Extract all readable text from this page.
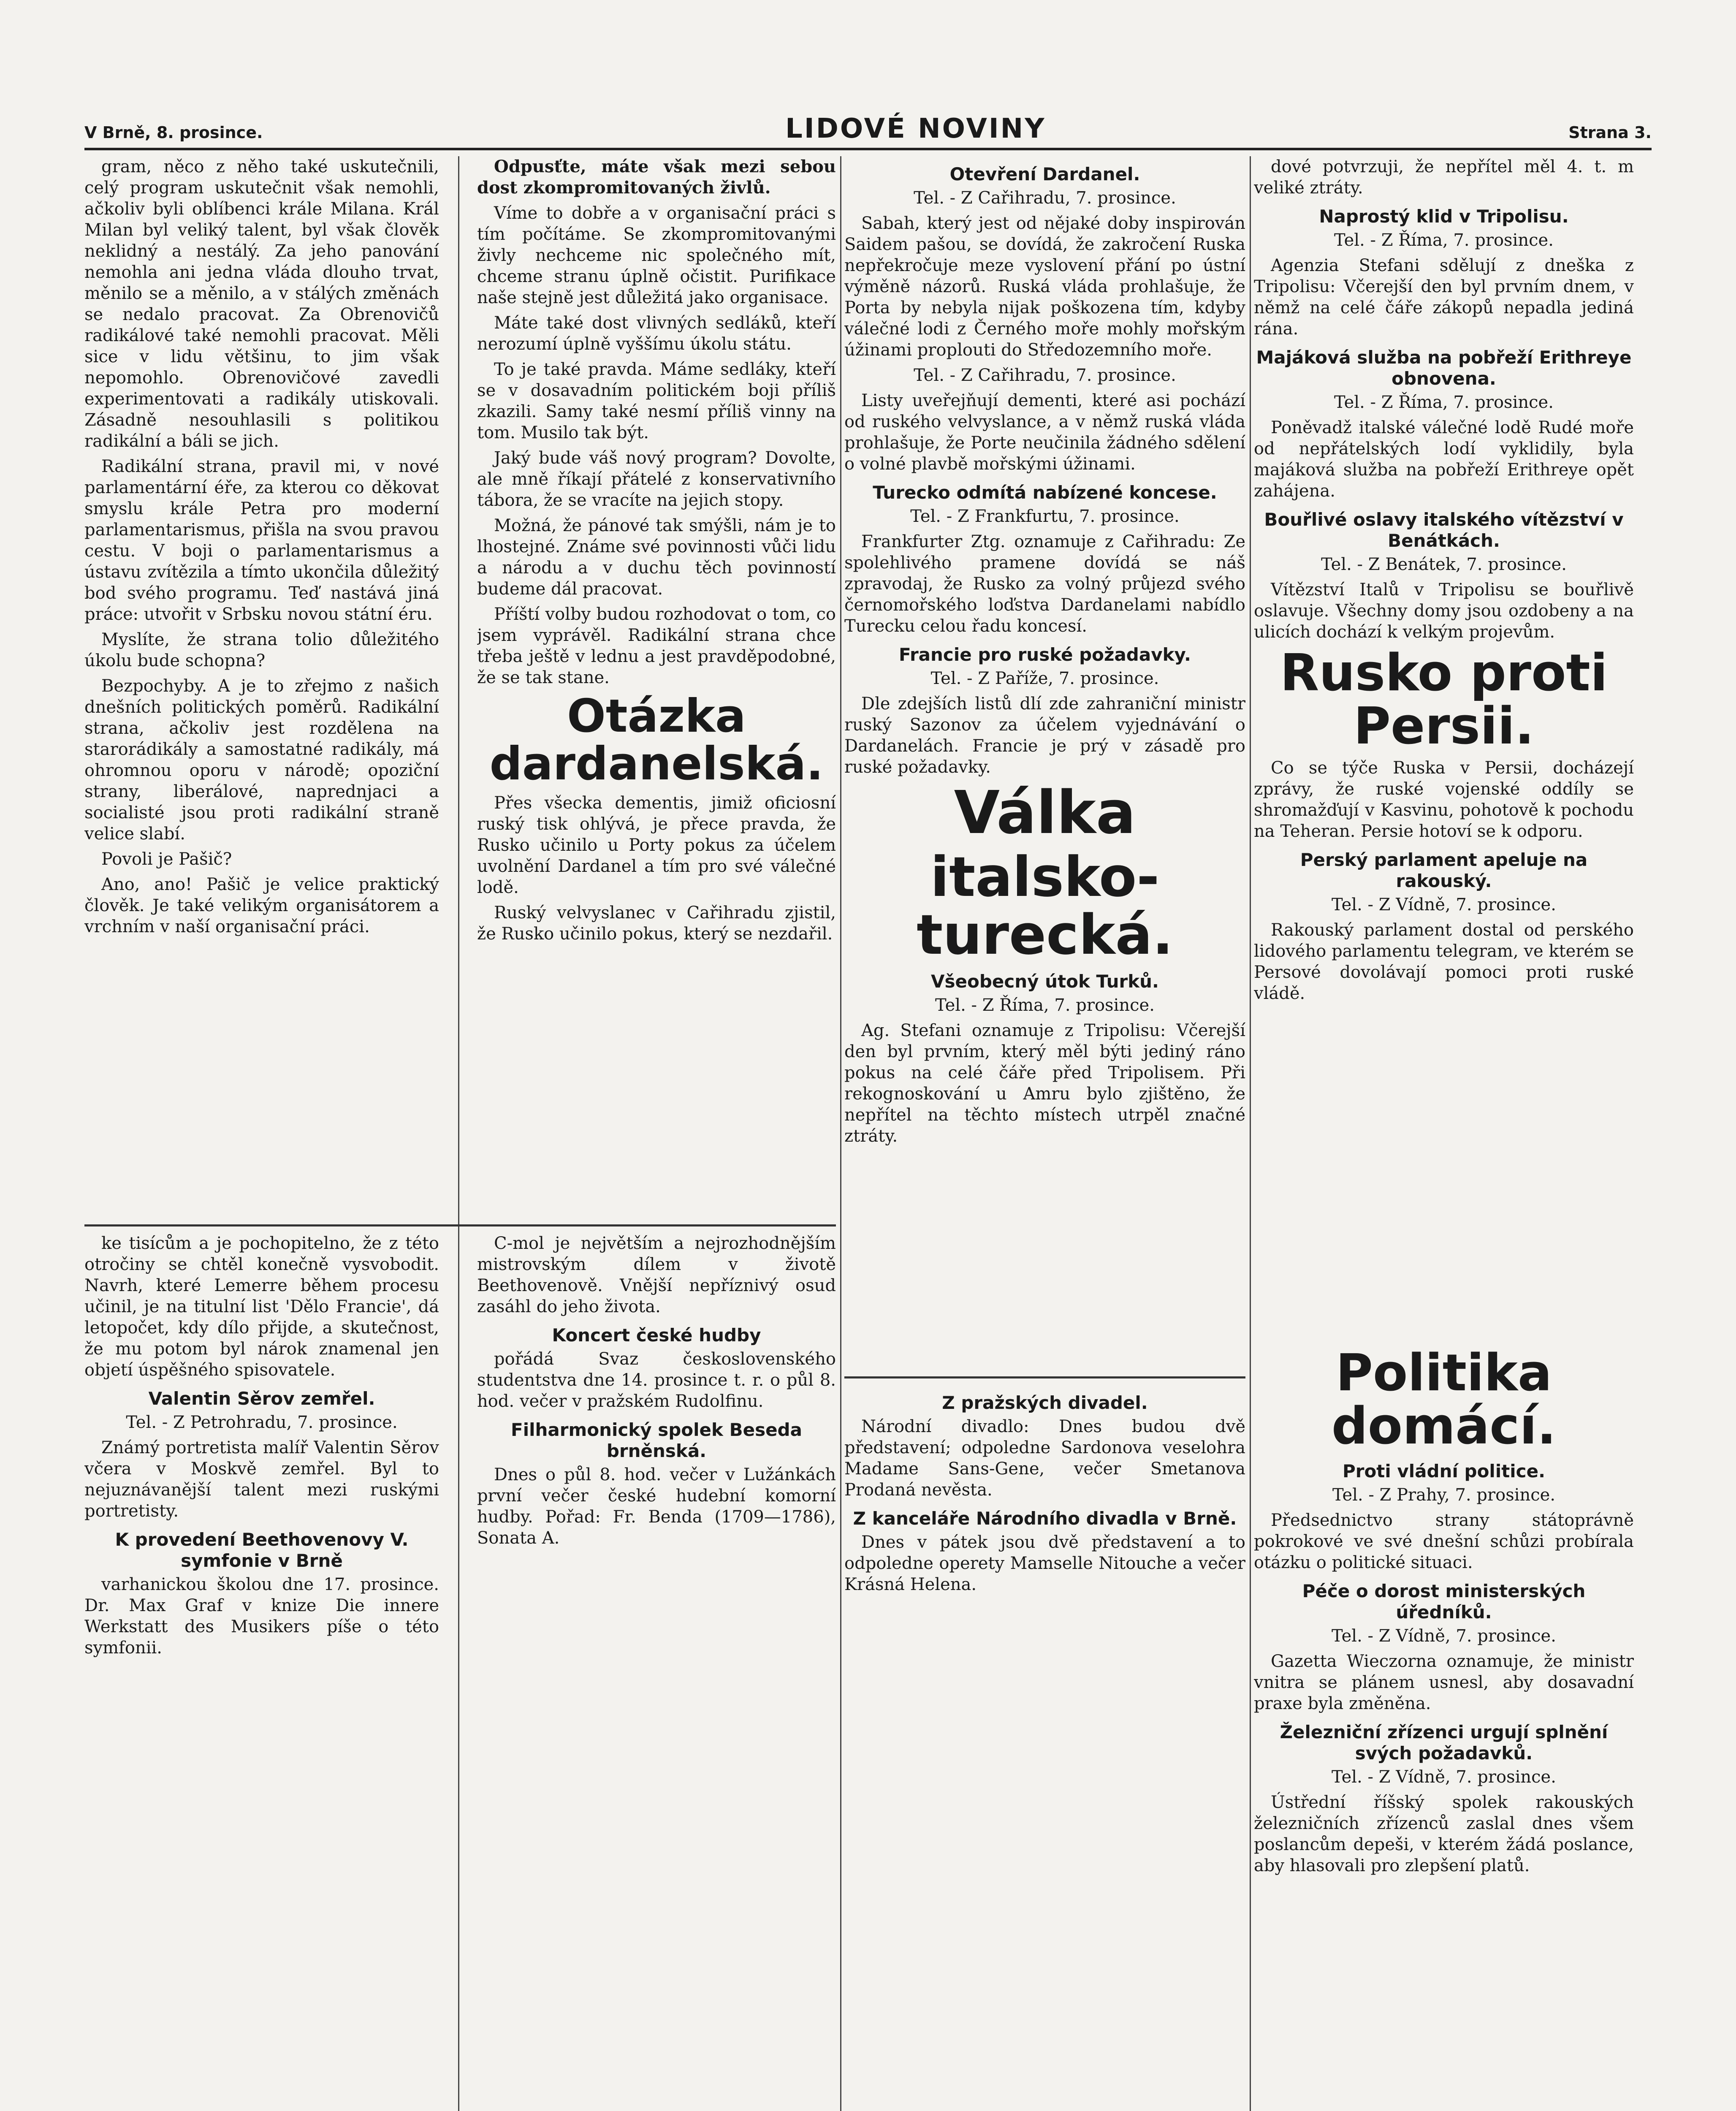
V Brně, 8. prosince.	LIDOVÉ NOVINY	Strana 3.

gram, něco z něho také uskutečnili, celý program uskutečnit však nemohli, ačkoliv byli oblíbenci krále Milana. Král Milan byl veliký talent, byl však člověk neklidný a nestálý. Za jeho panování nemohla ani jedna vláda dlouho trvat, měnilo se a měnilo, a v stálých změnách se nedalo pracovat. Za Obrenovičů radikálové také nemohli pracovat. Měli sice v lidu většinu, to jim však nepomohlo. Obrenovičové zavedli experimentovati a radikály utiskovali. Zásadně nesouhlasili s politikou radikální a báli se jich.

Radikální strana, pravil mi, v nové parlamentární éře, za kterou co děkovat smyslu krále Petra pro moderní parlamentarismus, přišla na svou pravou cestu. V boji o parlamentarismus a ústavu zvítězila a tímto ukončila důležitý bod svého programu. Teď nastává jiná práce: utvořit v Srbsku novou státní éru.

Myslíte, že strana tolio důležitého úkolu bude schopna?

Bezpochyby. A je to zřejmo z našich dnešních politických poměrů. Radikální strana, ačkoliv jest rozdělena na starorádikály a samostatné radikály, má ohromnou oporu v národě; opoziční strany, liberálové, naprednjaci a socialisté jsou proti radikální straně velice slabí.

Povoli je Pašič?

Ano, ano! Pašič je velice praktický člověk. Je také velikým organisátorem a vrchním v naší organisační práci.

Odpusťte, máte však mezi sebou dost zkompromitovaných živlů.

Víme to dobře a v organisační práci s tím počítáme. Se zkompromitovanými živly nechceme nic společného mít, chceme stranu úplně očistit. Purifikace naše stejně jest důležitá jako organisace.

Máte také dost vlivných sedláků, kteří nerozumí úplně vyššímu úkolu státu.

To je také pravda. Máme sedláky, kteří se v dosavadním politickém boji příliš zkazili. Samy také nesmí příliš vinny na tom. Musilo tak být.

Jaký bude váš nový program? Dovolte, ale mně říkají přátelé z konservativního tábora, že se vracíte na jejich stopy.

Možná, že pánové tak smýšli, nám je to lhostejné. Známe své povinnosti vůči lidu a národu a v duchu těch povinností budeme dál pracovat.

Příští volby budou rozhodovat o tom, co jsem vyprávěl. Radikální strana chce třeba ještě v lednu a jest pravděpodobné, že se tak stane.

Otázka dardanelská.

Přes všecka dementis, jimiž oficiosní ruský tisk ohlývá, je přece pravda, že Rusko učinilo u Porty pokus za účelem uvolnění Dardanel a tím pro své válečné lodě.

Ruský velvyslanec v Cařihradu zjistil, že Rusko učinilo pokus, který se nezdařil.

Otevření Dardanel.

Tel. - Z Cařihradu, 7. prosince.

Sabah, který jest od nějaké doby inspirován Saidem pašou, se dovídá, že zakročení Ruska nepřekročuje meze vyslovení přání po ústní výměně názorů. Ruská vláda prohlašuje, že Porta by nebyla nijak poškozena tím, kdyby válečné lodi z Černého moře mohly mořským úžinami proplouti do Středozemního moře.

Tel. - Z Cařihradu, 7. prosince.

Listy uveřejňují dementi, které asi pochází od ruského velvyslance, a v němž ruská vláda prohlašuje, že Porte neučinila žádného sdělení o volné plavbě mořskými úžinami.

Turecko odmítá nabízené koncese.

Tel. - Z Frankfurtu, 7. prosince.

Frankfurter Ztg. oznamuje z Cařihradu: Ze spolehlivého pramene dovídá se náš zpravodaj, že Rusko za volný průjezd svého černomořského loďstva Dardanelami nabídlo Turecku celou řadu koncesí.

Francie pro ruské požadavky.

Tel. - Z Paříže, 7. prosince.

Dle zdejších listů dlí zde zahraniční ministr ruský Sazonov za účelem vyjednávání o Dardanelách. Francie je prý v zásadě pro ruské požadavky.

Válka
italsko-turecká.
Všeobecný útok Turků.

Tel. - Z Říma, 7. prosince.

Ag. Stefani oznamuje z Tripolisu: Včerejší den byl prvním, který měl býti jediný ráno pokus na celé čáře před Tripolisem. Při rekognoskování u Amru bylo zjištěno, že nepřítel na těchto místech utrpěl značné ztráty.

dové potvrzuji, že nepřítel měl 4. t. m veliké ztráty.

Naprostý klid v Tripolisu.

Tel. - Z Říma, 7. prosince.

Agenzia Stefani sdělují z dneška z Tripolisu: Včerejší den byl prvním dnem, v němž na celé čáře zákopů nepadla jediná rána.

Majáková služba na pobřeží Erithreye obnovena.

Tel. - Z Říma, 7. prosince.

Poněvadž italské válečné lodě Rudé moře od nepřátelských lodí vyklidily, byla majáková služba na pobřeží Erithreye opět zahájena.

Bouřlivé oslavy italského vítězství v Benátkách.

Tel. - Z Benátek, 7. prosince.

Vítězství Italů v Tripolisu se bouřlivě oslavuje. Všechny domy jsou ozdobeny a na ulicích dochází k velkým projevům.

Rusko proti Persii.

Co se týče Ruska v Persii, docházejí zprávy, že ruské vojenské oddíly se shromažďují v Kasvinu, pohotově k pochodu na Teheran. Persie hotoví se k odporu.

Perský parlament apeluje na rakouský.

Tel. - Z Vídně, 7. prosince.

Rakouský parlament dostal od perského lidového parlamentu telegram, ve kterém se Persové dovolávají pomoci proti ruské vládě.

ke tisícům a je pochopitelno, že z této otročiny se chtěl konečně vysvobodit. Navrh, které Lemerre během procesu učinil, je na titulní list 'Dělo Francie', dá letopočet, kdy dílo přijde, a skutečnost, že mu potom byl nárok znamenal jen objetí úspěšného spisovatele.

Valentin Sěrov zemřel.

Tel. - Z Petrohradu, 7. prosince.

Známý portretista malíř Valentin Sěrov včera v Moskvě zemřel. Byl to nejuznávanější talent mezi ruskými portretisty.

K provedení Beethovenovy V. symfonie v Brně

varhanickou školou dne 17. prosince. Dr. Max Graf v knize Die innere Werkstatt des Musikers píše o této symfonii.

C-mol je největším a nejrozhodnějším mistrovským dílem v životě Beethovenově. Vnější nepříznivý osud zasáhl do jeho života.

Koncert české hudby

pořádá Svaz československého studentstva dne 14. prosince t. r. o půl 8. hod. večer v pražském Rudolfinu.

Filharmonický spolek Beseda brněnská.

Dnes o půl 8. hod. večer v Lužánkách první večer české hudební komorní hudby. Pořad: Fr. Benda (1709—1786), Sonata A.

Z pražských divadel.

Národní divadlo: Dnes budou dvě představení; odpoledne Sardonova veselohra Madame Sans-Gene, večer Smetanova Prodaná nevěsta.

Z kanceláře Národního divadla v Brně.

Dnes v pátek jsou dvě představení a to odpoledne operety Mamselle Nitouche a večer Krásná Helena.

Politika domácí.
Proti vládní politice.

Tel. - Z Prahy, 7. prosince.

Předsednictvo strany státoprávně pokrokové ve své dnešní schůzi probírala otázku o politické situaci.

Péče o dorost ministerských úředníků.

Tel. - Z Vídně, 7. prosince.

Gazetta Wieczorna oznamuje, že ministr vnitra se plánem usnesl, aby dosavadní praxe byla změněna.

Železniční zřízenci urgují splnění svých požadavků.

Tel. - Z Vídně, 7. prosince.

Ústřední říšský spolek rakouských železničních zřízenců zaslal dnes všem poslancům depeši, v kterém žádá poslance, aby hlasovali pro zlepšení platů.
